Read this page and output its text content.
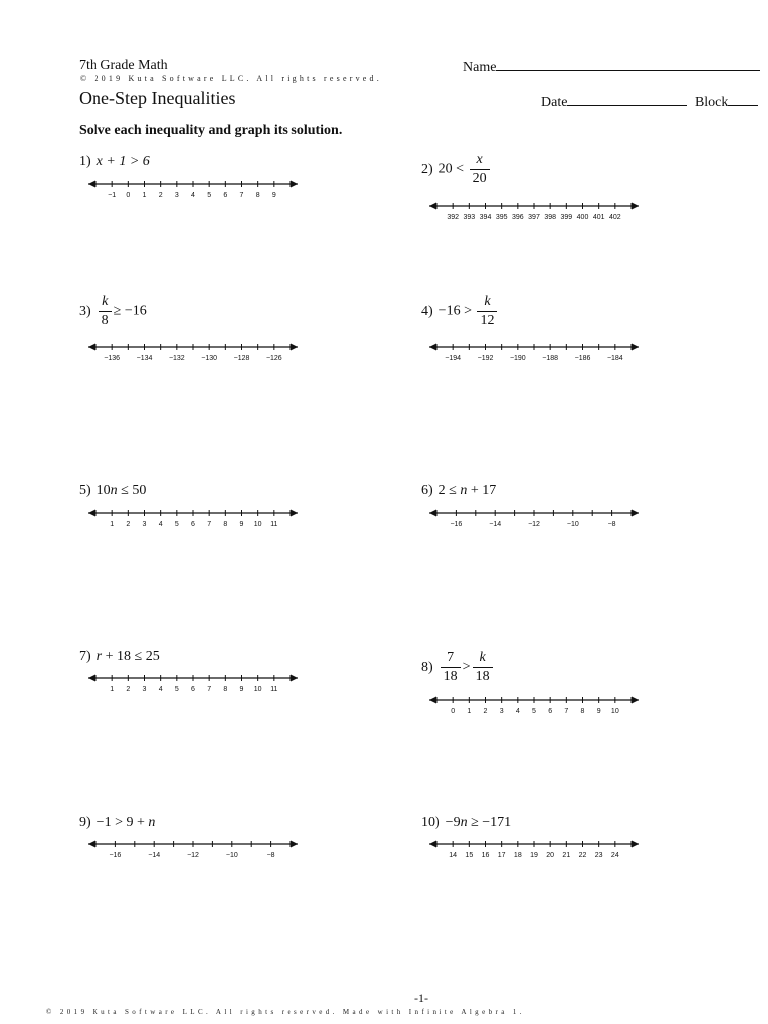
7th Grade Math	Name
© 2019 Kuta Software LLC. All rights reserved.
One-Step Inequalities	Date	Block
Solve each inequality and graph its solution.
1) x + 1 > 6
−1 0 1 2 3 4 5 6 7 8 9
2) $20 < \frac{x}{20}$
392 393 394 395 396 397 398 399 400 401 402
$3) \frac{k}{8} \ge -16$
−136 −134 −132 −130 −128 −126
$4) -16 > \frac{k}{12}$
−194 −192 −190 −188 −186 −184
5) 10n ≤ 50
1 2 3 4 5 6 7 8 9 10 11
6) 2 ≤ n + 17
−16	−14	−12	−10	−8
7) r + 18 ≤ 25
1 2 3 4 5 6 7 8 9 10 11
$8) \frac{7}{18} > \frac{k}{18}$
0 1 2 3 4 5 6 7 8 9 10
9) −1 > 9 + n
−16	−14	−12	−10	−8
10) −9n ≥ −171
14 15 16 17 18 19 20 21 22 23 24
-1-
© 2019 Kuta Software LLC. All rights reserved. Made with Infinite Algebra 1.
